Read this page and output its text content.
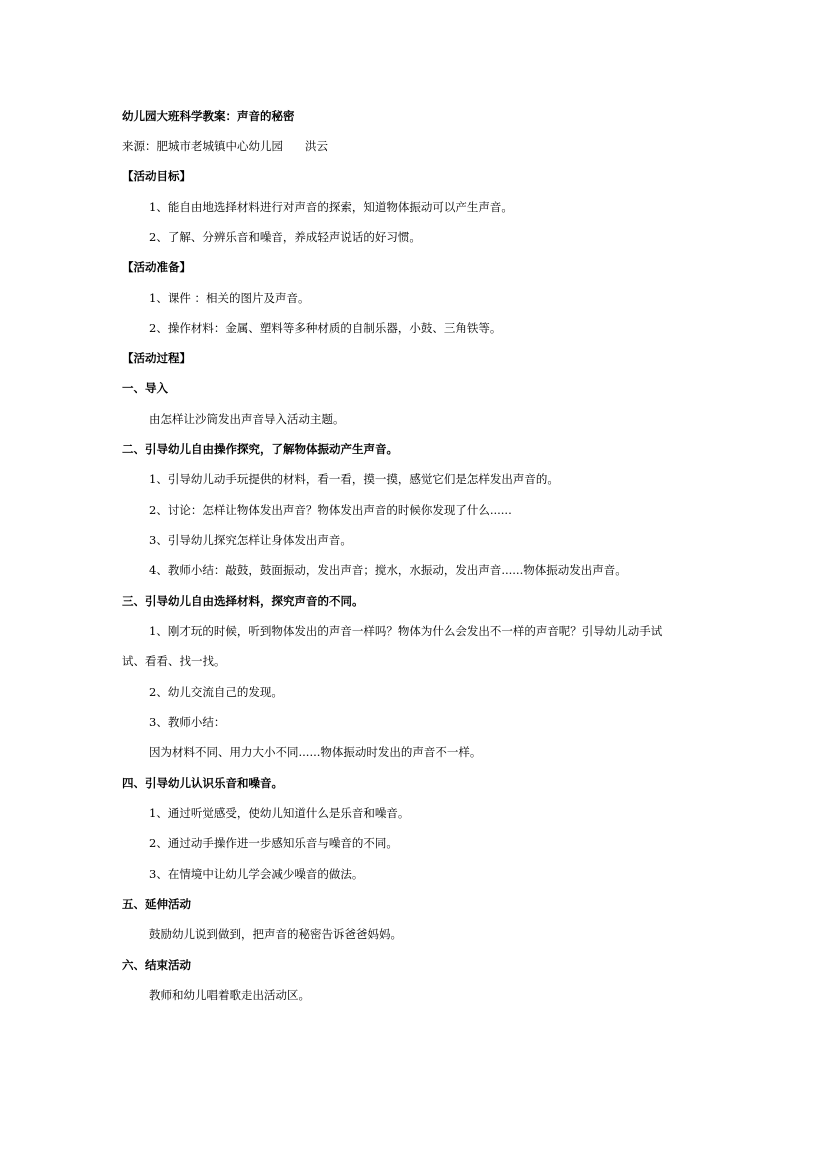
幼儿园大班科学教案：声音的秘密
来源：肥城市老城镇中心幼儿园 洪云
【活动目标】
1、能自由地选择材料进行对声音的探索，知道物体振动可以产生声音。
2、了解、分辨乐音和噪音，养成轻声说话的好习惯。
【活动准备】
1、课件 ：相关的图片及声音。
2、操作材料：金属、塑料等多种材质的自制乐器，小鼓、三角铁等。
【活动过程】
一、导入
由怎样让沙筒发出声音导入活动主题。
二、引导幼儿自由操作探究，了解物体振动产生声音。
1、引导幼儿动手玩提供的材料，看一看，摸一摸，感觉它们是怎样发出声音的。
2、讨论：怎样让物体发出声音？物体发出声音的时候你发现了什么......
3、引导幼儿探究怎样让身体发出声音。
4、教师小结：敲鼓，鼓面振动，发出声音；搅水，水振动，发出声音......物体振动发出声音。
三、引导幼儿自由选择材料，探究声音的不同。
1、刚才玩的时候，听到物体发出的声音一样吗？物体为什么会发出不一样的声音呢？引导幼儿动手试
试、看看、找一找。
2、幼儿交流自己的发现。
3、教师小结：
因为材料不同、用力大小不同......物体振动时发出的声音不一样。
四、引导幼儿认识乐音和噪音。
1、通过听觉感受，使幼儿知道什么是乐音和噪音。
2、通过动手操作进一步感知乐音与噪音的不同。
3、在情境中让幼儿学会减少噪音的做法。
五、延伸活动
鼓励幼儿说到做到，把声音的秘密告诉爸爸妈妈。
六、结束活动
教师和幼儿唱着歌走出活动区。
